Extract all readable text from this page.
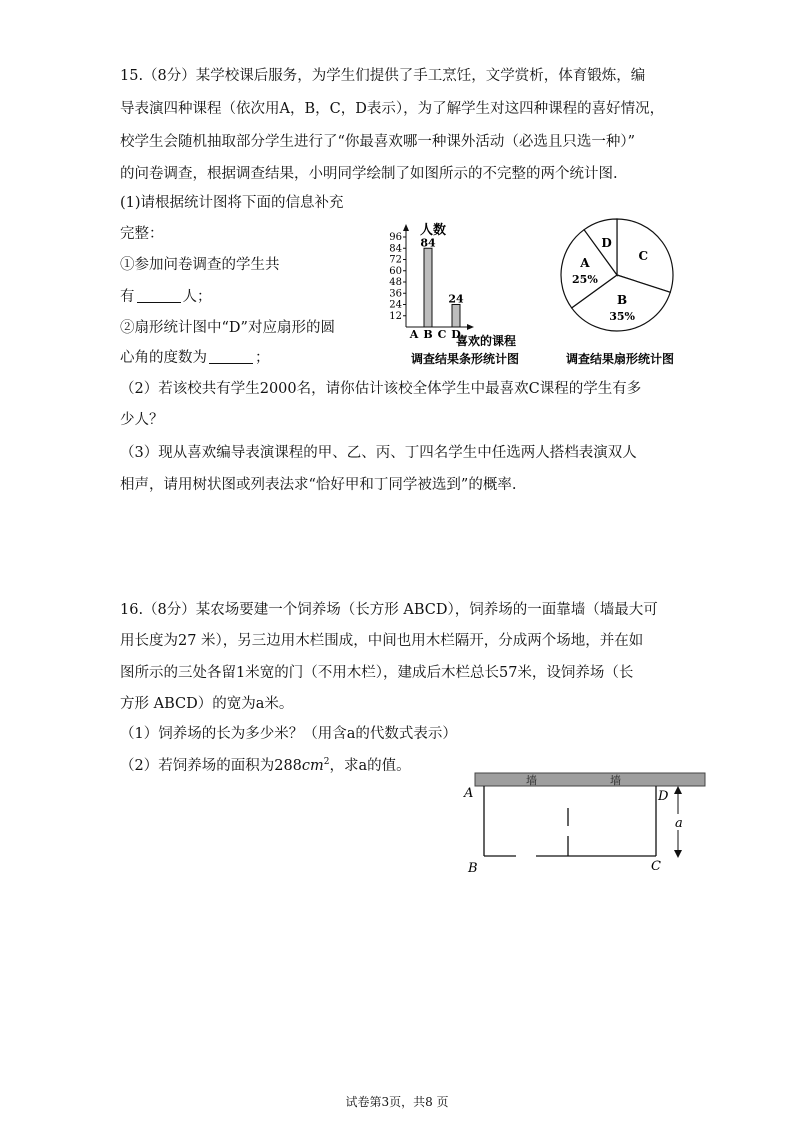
15.（8分）某学校课后服务，为学生们提供了手工烹饪，文学赏析，体育锻炼，编
导表演四种课程（依次用A，B，C，D表示），为了解学生对这四种课程的喜好情况，
校学生会随机抽取部分学生进行了“你最喜欢哪一种课外活动（必选且只选一种）”
的问卷调查，根据调查结果，小明同学绘制了如图所示的不完整的两个统计图.
(1)请根据统计图将下面的信息补充
完整：
①参加问卷调查的学生共
有	人；
②扇形统计图中“D”对应扇形的圆
心角的度数为	；
（2）若该校共有学生2000名，请你估计该校全体学生中最喜欢C课程的学生有多
少人？
（3）现从喜欢编导表演课程的甲、乙、丙、丁四名学生中任选两人搭档表演双人
相声，请用树状图或列表法求“恰好甲和丁同学被选到”的概率.
人数
喜欢的课程
调查结果条形统计图
12
24
36
48
60
72
84
96 84
24
A B C D
C
B
35%
A
25%
D
调查结果扇形统计图
16.（8分）某农场要建一个饲养场（长方形 ABCD），饲养场的一面靠墙（墙最大可
用长度为27 米），另三边用木栏围成，中间也用木栏隔开，分成两个场地，并在如
图所示的三处各留1米宽的门（不用木栏），建成后木栏总长57米，设饲养场（长
方形 ABCD）的宽为a米。
（1）饲养场的长为多少米？（用含a的代数式表示）
（2）若饲养场的面积为$288cm^2$，求a的值。
墙	墙
A
B	C
D
a
试卷第3页，共8 页
